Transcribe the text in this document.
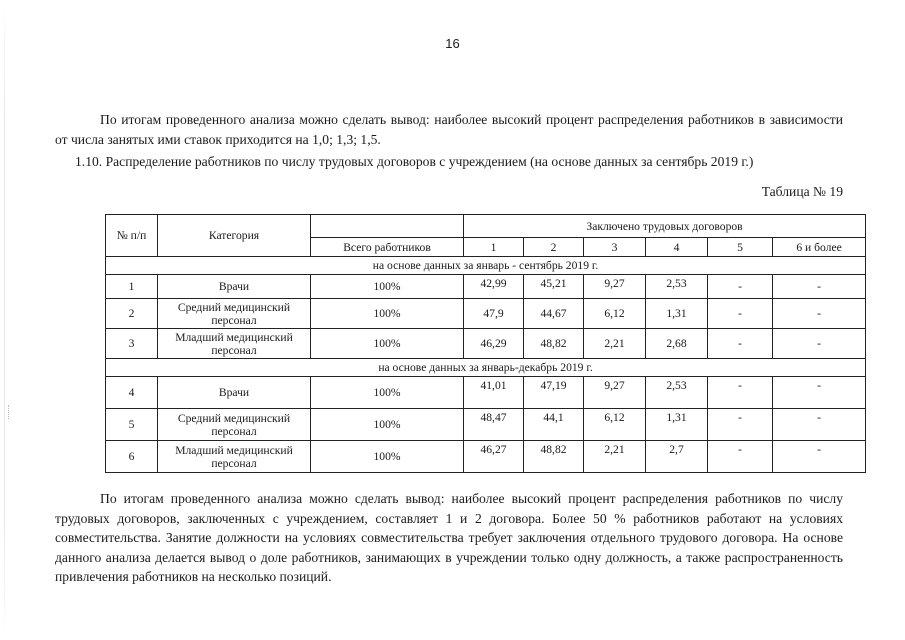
16

По итогам проведенного анализа можно сделать вывод: наиболее высокий процент распределения работников в зависимости от числа занятых ими ставок приходится на 1,0; 1,3; 1,5.

1.10. Распределение работников по числу трудовых договоров с учреждением (на основе данных за сентябрь 2019 г.)

Таблица № 19
№ п/п	Категория		Заключено трудовых договоров					
		Всего работников	1	2	3	4	5	6 и более
на основе данных за январь - сентябрь 2019 г.								
1	Врачи	100%	42,99	45,21	9,27	2,53	-	-
2	Средний медицинский персонал	100%	47,9	44,67	6,12	1,31	-	-
3	Младший медицинский персонал	100%	46,29	48,82	2,21	2,68	-	-
на основе данных за январь-декабрь 2019 г.								
4	Врачи	100%	41,01	47,19	9,27	2,53	-	-
5	Средний медицинский персонал	100%	48,47	44,1	6,12	1,31	-	-
6	Младший медицинский персонал	100%	46,27	48,82	2,21	2,7	-	-

По итогам проведенного анализа можно сделать вывод: наиболее высокий процент распределения работников по числу трудовых договоров, заключенных с учреждением, составляет 1 и 2 договора. Более 50 % работников работают на условиях совместительства. Занятие должности на условиях совместительства требует заключения отдельного трудового договора. На основе данного анализа делается вывод о доле работников, занимающих в учреждении только одну должность, а также распространенность привлечения работников на несколько позиций.
